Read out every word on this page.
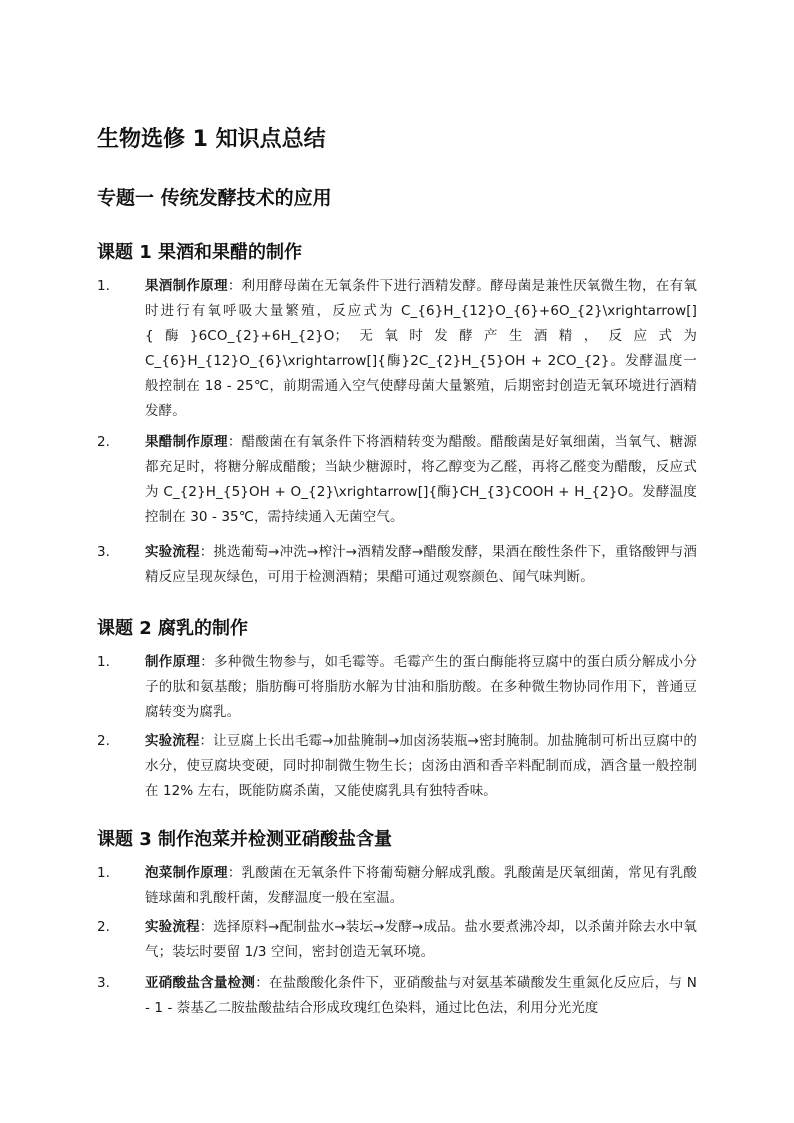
生物选修 1 知识点总结
专题一 传统发酵技术的应用
课题 1 果酒和果醋的制作
1.	果酒制作原理：利用酵母菌在无氧条件下进行酒精发酵。酵母菌是兼性厌氧微生物，在有氧时进行有氧呼吸大量繁殖，反应式为 C_{6}H_{12}O_{6}+6O_{2}\xrightarrow[]{酶}6CO_{2}+6H_{2}O；无氧时发酵产生酒精，反应式为 C_{6}H_{12}O_{6}\xrightarrow[]{酶}2C_{2}H_{5}OH + 2CO_{2}。发酵温度一般控制在 18 - 25℃，前期需通入空气使酵母菌大量繁殖，后期密封创造无氧环境进行酒精发酵。
2.	果醋制作原理：醋酸菌在有氧条件下将酒精转变为醋酸。醋酸菌是好氧细菌，当氧气、糖源都充足时，将糖分解成醋酸；当缺少糖源时，将乙醇变为乙醛，再将乙醛变为醋酸，反应式为 C_{2}H_{5}OH + O_{2}\xrightarrow[]{酶}CH_{3}COOH + H_{2}O。发酵温度控制在 30 - 35℃，需持续通入无菌空气。
3.	实验流程：挑选葡萄→冲洗→榨汁→酒精发酵→醋酸发酵，果酒在酸性条件下，重铬酸钾与酒精反应呈现灰绿色，可用于检测酒精；果醋可通过观察颜色、闻气味判断。
课题 2 腐乳的制作
1.	制作原理：多种微生物参与，如毛霉等。毛霉产生的蛋白酶能将豆腐中的蛋白质分解成小分子的肽和氨基酸；脂肪酶可将脂肪水解为甘油和脂肪酸。在多种微生物协同作用下，普通豆腐转变为腐乳。
2.	实验流程：让豆腐上长出毛霉→加盐腌制→加卤汤装瓶→密封腌制。加盐腌制可析出豆腐中的水分，使豆腐块变硬，同时抑制微生物生长；卤汤由酒和香辛料配制而成，酒含量一般控制在 12% 左右，既能防腐杀菌，又能使腐乳具有独特香味。
课题 3 制作泡菜并检测亚硝酸盐含量
1.	泡菜制作原理：乳酸菌在无氧条件下将葡萄糖分解成乳酸。乳酸菌是厌氧细菌，常见有乳酸链球菌和乳酸杆菌，发酵温度一般在室温。
2.	实验流程：选择原料→配制盐水→装坛→发酵→成品。盐水要煮沸冷却，以杀菌并除去水中氧气；装坛时要留 1/3 空间，密封创造无氧环境。
3.	亚硝酸盐含量检测：在盐酸酸化条件下，亚硝酸盐与对氨基苯磺酸发生重氮化反应后，与 N - 1 - 萘基乙二胺盐酸盐结合形成玫瑰红色染料，通过比色法，利用分光光度
